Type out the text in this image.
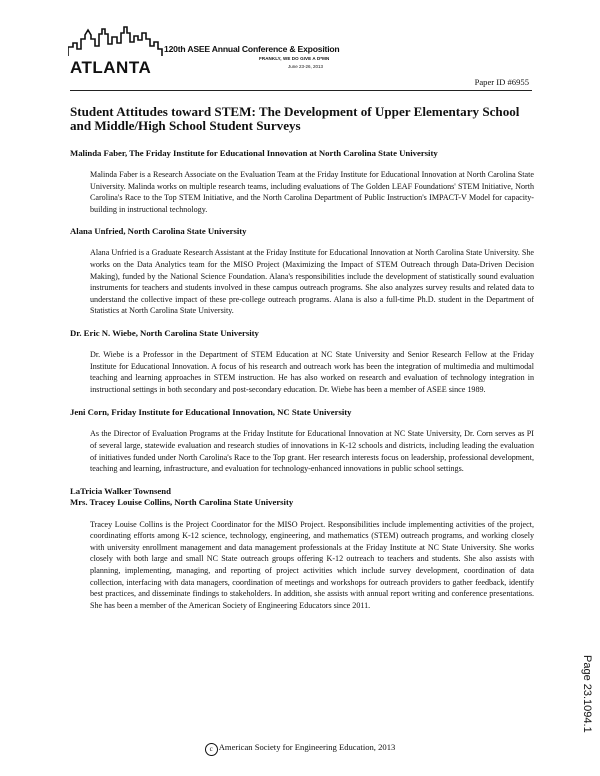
ATLANTA
120th ASEE Annual Conference & Exposition
FRANKLY, WE DO GIVE A D*MN
June 23-26, 2013
Paper ID #6955
Student Attitudes toward STEM: The Development of Upper Elementary School and Middle/High School Student Surveys
Malinda Faber, The Friday Institute for Educational Innovation at North Carolina State University

Malinda Faber is a Research Associate on the Evaluation Team at the Friday Institute for Educational Innovation at North Carolina State University. Malinda works on multiple research teams, including evaluations of The Golden LEAF Foundations' STEM Initiative, North Carolina's Race to the Top STEM Initiative, and the North Carolina Department of Public Instruction's IMPACT-V Model for capacity-building in instructional technology.

Alana Unfried, North Carolina State University

Alana Unfried is a Graduate Research Assistant at the Friday Institute for Educational Innovation at North Carolina State University. She works on the Data Analytics team for the MISO Project (Maximizing the Impact of STEM Outreach through Data-Driven Decision Making), funded by the National Science Foundation. Alana's responsibilities include the development of statistically sound evaluation instruments for teachers and students involved in these campus outreach programs. She also analyzes survey results and related data to understand the collective impact of these pre-college outreach programs. Alana is also a full-time Ph.D. student in the Department of Statistics at North Carolina State University.

Dr. Eric N. Wiebe, North Carolina State University

Dr. Wiebe is a Professor in the Department of STEM Education at NC State University and Senior Research Fellow at the Friday Institute for Educational Innovation. A focus of his research and outreach work has been the integration of multimedia and multimodal teaching and learning approaches in STEM instruction. He has also worked on research and evaluation of technology integration in instructional settings in both secondary and post-secondary education. Dr. Wiebe has been a member of ASEE since 1989.

Jeni Corn, Friday Institute for Educational Innovation, NC State University

As the Director of Evaluation Programs at the Friday Institute for Educational Innovation at NC State University, Dr. Corn serves as PI of several large, statewide evaluation and research studies of innovations in K-12 schools and districts, including leading the evaluation of initiatives funded under North Carolina's Race to the Top grant. Her research interests focus on leadership, professional development, teaching and learning, infrastructure, and evaluation for technology-enhanced innovations in public school settings.

LaTricia Walker Townsend
Mrs. Tracey Louise Collins, North Carolina State University

Tracey Louise Collins is the Project Coordinator for the MISO Project. Responsibilities include implementing activities of the project, coordinating efforts among K-12 science, technology, engineering, and mathematics (STEM) outreach programs, and working closely with university enrollment management and data management professionals at the Friday Institute at NC State University. She works closely with both large and small NC State outreach groups offering K-12 outreach to teachers and students. She also assists with planning, implementing, managing, and reporting of project activities which include survey development, coordination of data collection, interfacing with data managers, coordination of meetings and workshops for outreach providers to gather feedback, identify best practices, and disseminate findings to stakeholders. In addition, she assists with annual report writing and conference presentations. She has been a member of the American Society of Engineering Educators since 2011.

Page 23.1094.1
c American Society for Engineering Education, 2013
